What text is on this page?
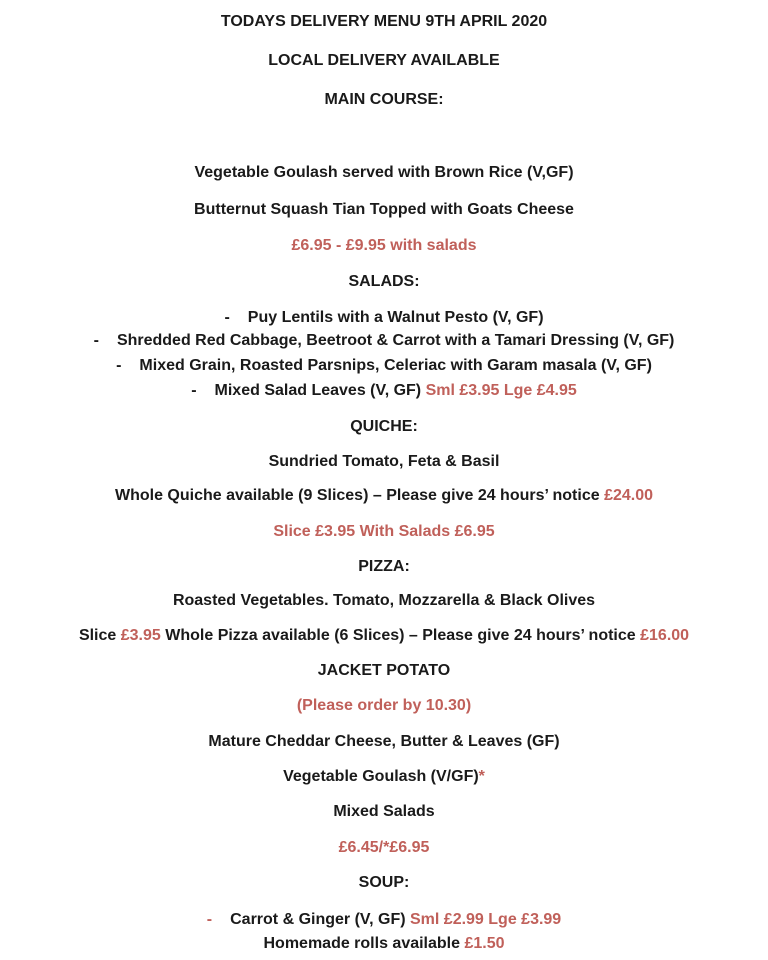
TODAYS DELIVERY MENU 9TH APRIL 2020
LOCAL DELIVERY AVAILABLE
MAIN COURSE:
Vegetable Goulash served with Brown Rice (V,GF)
Butternut Squash Tian Topped with Goats Cheese
£6.95 - £9.95 with salads
SALADS:
- Puy Lentils with a Walnut Pesto (V, GF)
- Shredded Red Cabbage, Beetroot & Carrot with a Tamari Dressing (V, GF)
- Mixed Grain, Roasted Parsnips, Celeriac with Garam masala (V, GF)
- Mixed Salad Leaves (V, GF) Sml £3.95 Lge £4.95
QUICHE:
Sundried Tomato, Feta & Basil
Whole Quiche available (9 Slices) – Please give 24 hours’ notice £24.00
Slice £3.95 With Salads £6.95
PIZZA:
Roasted Vegetables. Tomato, Mozzarella & Black Olives
Slice £3.95 Whole Pizza available (6 Slices) – Please give 24 hours’ notice £16.00
JACKET POTATO
(Please order by 10.30)
Mature Cheddar Cheese, Butter & Leaves (GF)
Vegetable Goulash (V/GF)*
Mixed Salads
£6.45/*£6.95
SOUP:
- Carrot & Ginger (V, GF) Sml £2.99 Lge £3.99
Homemade rolls available £1.50
